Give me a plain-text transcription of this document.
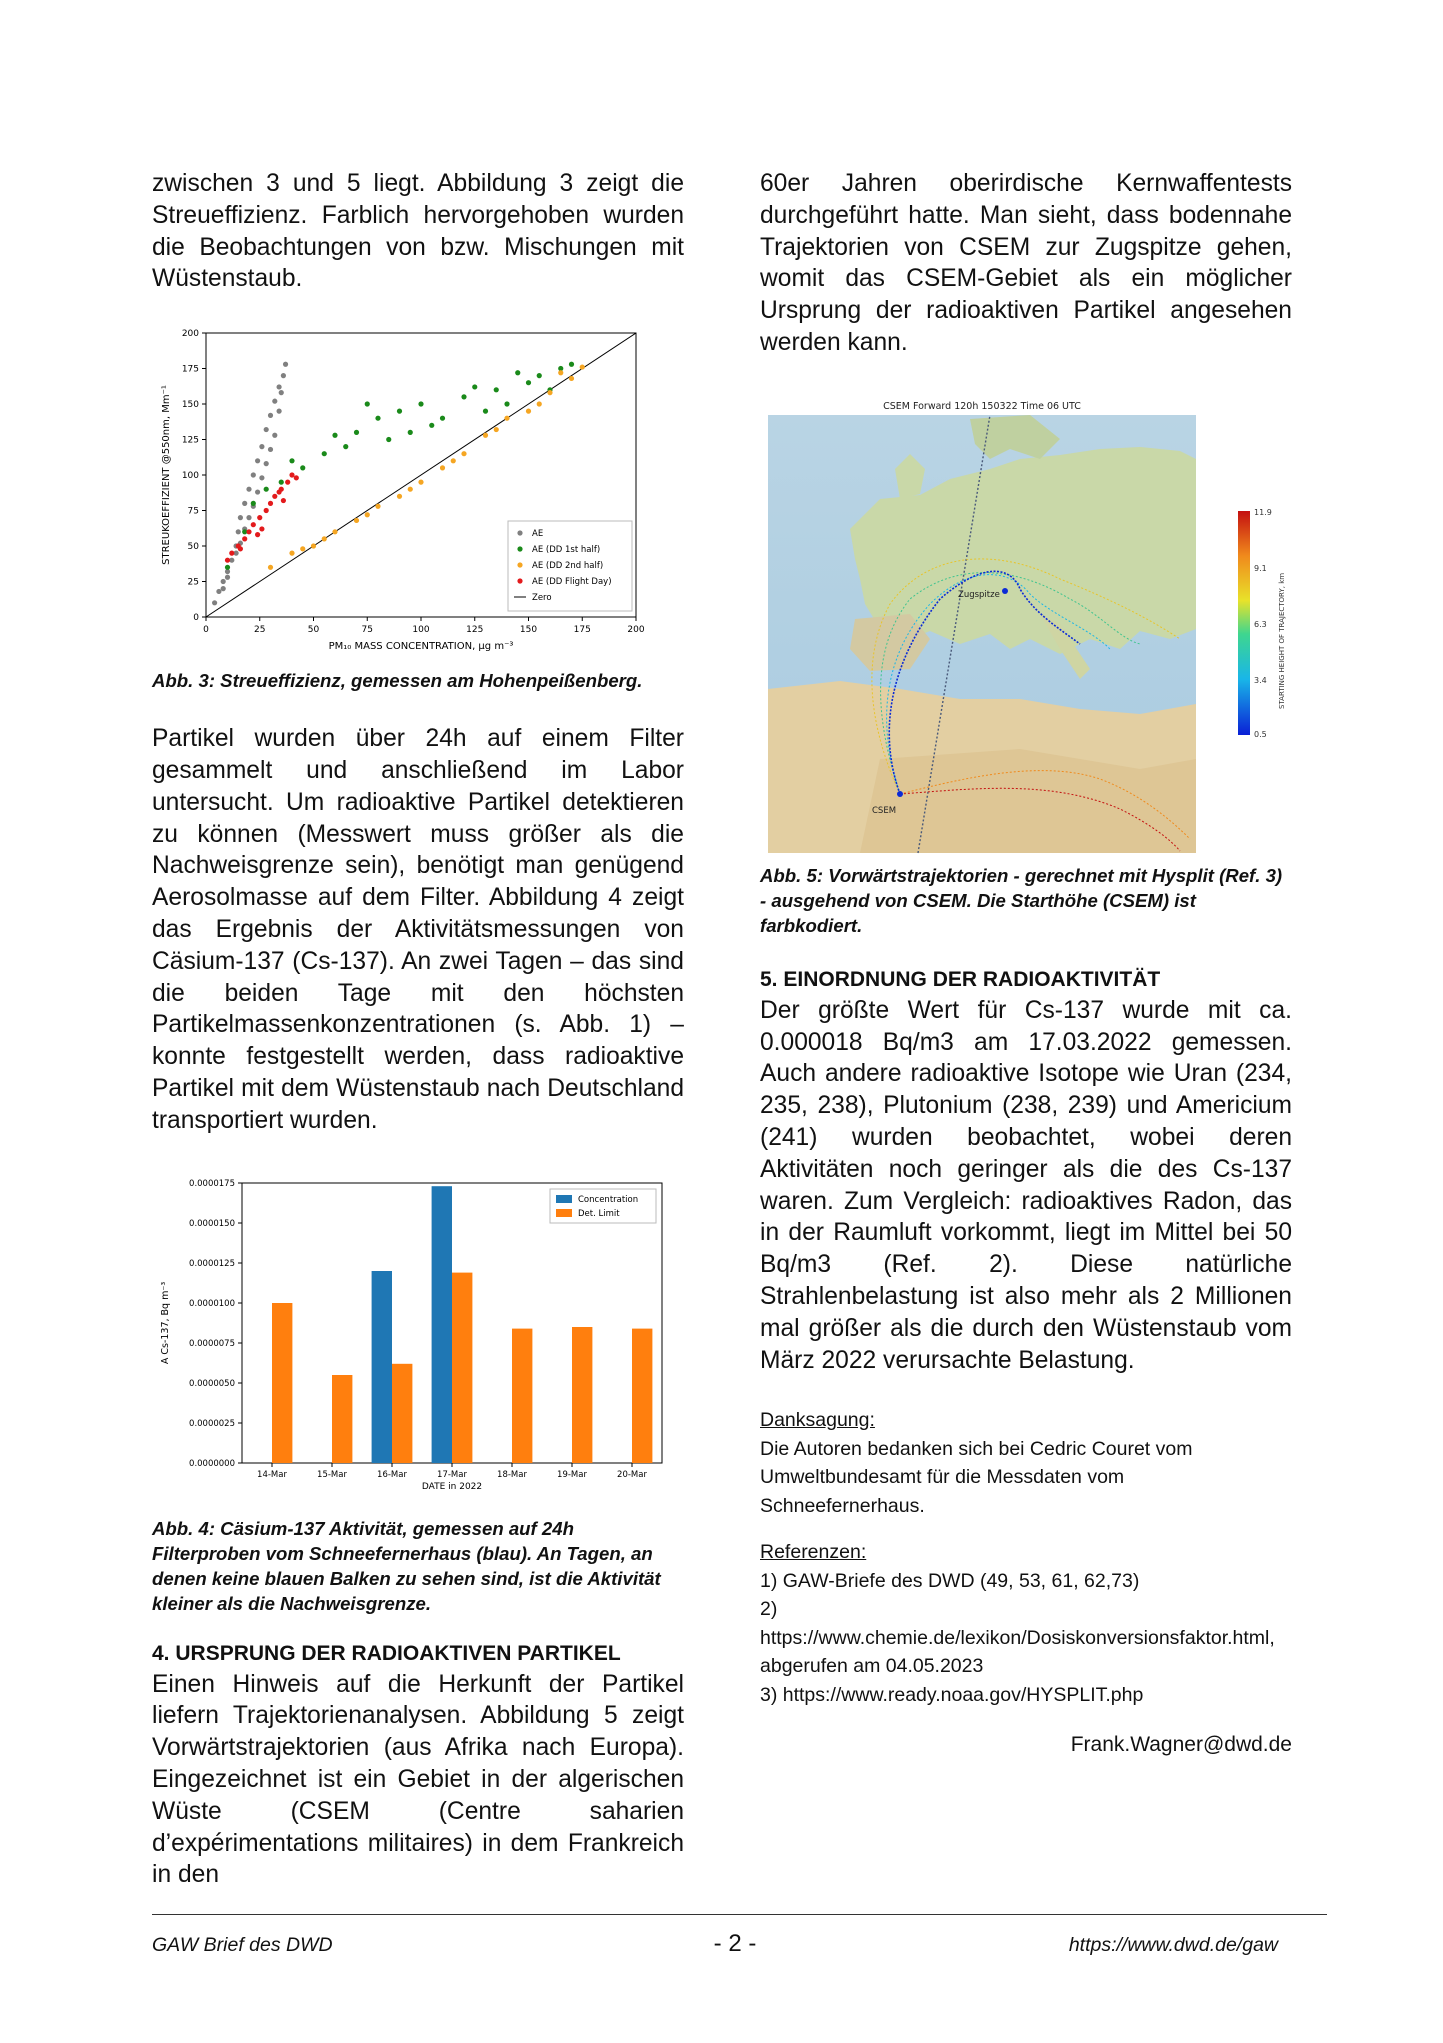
zwischen 3 und 5 liegt. Abbildung 3 zeigt die Streueffizienz. Farblich hervorgehoben wurden die Beobachtungen von bzw. Mischungen mit Wüstenstaub.

0	25	50	75	100	125	150	175	200
0
25
50
75
100
125
150
175
200
PM₁₀ MASS CONCENTRATION, µg m⁻³
STREUKOEFFIZIENT @550nm, Mm⁻¹	AE
AE (DD 1st half)
AE (DD 2nd half)
AE (DD Flight Day)
Zero

Abb. 3: Streueffizienz, gemessen am Hohenpeißenberg.

Partikel wurden über 24h auf einem Filter gesammelt und anschließend im Labor untersucht. Um radioaktive Partikel detektieren zu können (Messwert muss größer als die Nachweisgrenze sein), benötigt man genügend Aerosolmasse auf dem Filter. Abbildung 4 zeigt das Ergebnis der Aktivitätsmessungen von Cäsium-137 (Cs-137). An zwei Tagen – das sind die beiden Tage mit den höchsten Partikelmassenkonzentrationen (s. Abb. 1) – konnte festgestellt werden, dass radioaktive Partikel mit dem Wüstenstaub nach Deutschland transportiert wurden.

0.0000000
0.0000025
0.0000050
0.0000075
0.0000100
0.0000125
0.0000150
0.0000175
14-Mar	15-Mar	16-Mar	17-Mar	18-Mar	19-Mar	20-Mar
DATE in 2022
A Cs-137, Bq m⁻³
Concentration
Det. Limit

Abb. 4: Cäsium-137 Aktivität, gemessen auf 24h Filterproben vom Schneefernerhaus (blau). An Tagen, an denen keine blauen Balken zu sehen sind, ist die Aktivität kleiner als die Nachweisgrenze.

4. URSPRUNG DER RADIOAKTIVEN PARTIKEL

Einen Hinweis auf die Herkunft der Partikel liefern Trajektorienanalysen. Abbildung 5 zeigt Vorwärtstrajektorien (aus Afrika nach Europa). Eingezeichnet ist ein Gebiet in der algerischen Wüste (CSEM (Centre saharien d’expérimentations militaires) in dem Frankreich in den

60er Jahren oberirdische Kernwaffentests durchgeführt hatte. Man sieht, dass bodennahe Trajektorien von CSEM zur Zugspitze gehen, womit das CSEM-Gebiet als ein möglicher Ursprung der radioaktiven Partikel angesehen werden kann.

CSEM Forward 120h 150322 Time 06 UTC
Zugspitze
CSEM
11.9
9.1
6.3
3.4
0.5
STARTING HEIGHT OF TRAJECTORY, km

Abb. 5: Vorwärtstrajektorien - gerechnet mit Hysplit (Ref. 3) - ausgehend von CSEM. Die Starthöhe (CSEM) ist farbkodiert.

5. EINORDNUNG DER RADIOAKTIVITÄT

Der größte Wert für Cs-137 wurde mit ca. 0.000018 Bq/m3 am 17.03.2022 gemessen. Auch andere radioaktive Isotope wie Uran (234, 235, 238), Plutonium (238, 239) und Americium (241) wurden beobachtet, wobei deren Aktivitäten noch geringer als die des Cs-137 waren. Zum Vergleich: radioaktives Radon, das in der Raumluft vorkommt, liegt im Mittel bei 50 Bq/m3 (Ref. 2). Diese natürliche Strahlenbelastung ist also mehr als 2 Millionen mal größer als die durch den Wüstenstaub vom März 2022 verursachte Belastung.

Danksagung:

Die Autoren bedanken sich bei Cedric Couret vom Umweltbundesamt für die Messdaten vom Schneefernerhaus.

Referenzen:

1) GAW-Briefe des DWD (49, 53, 61, 62,73)

2) https://www.chemie.de/lexikon/Dosiskonversionsfaktor.html, abgerufen am 04.05.2023

3) https://www.ready.noaa.gov/HYSPLIT.php

Frank.Wagner@dwd.de

GAW Brief des DWD	- 2 -	https://www.dwd.de/gaw
